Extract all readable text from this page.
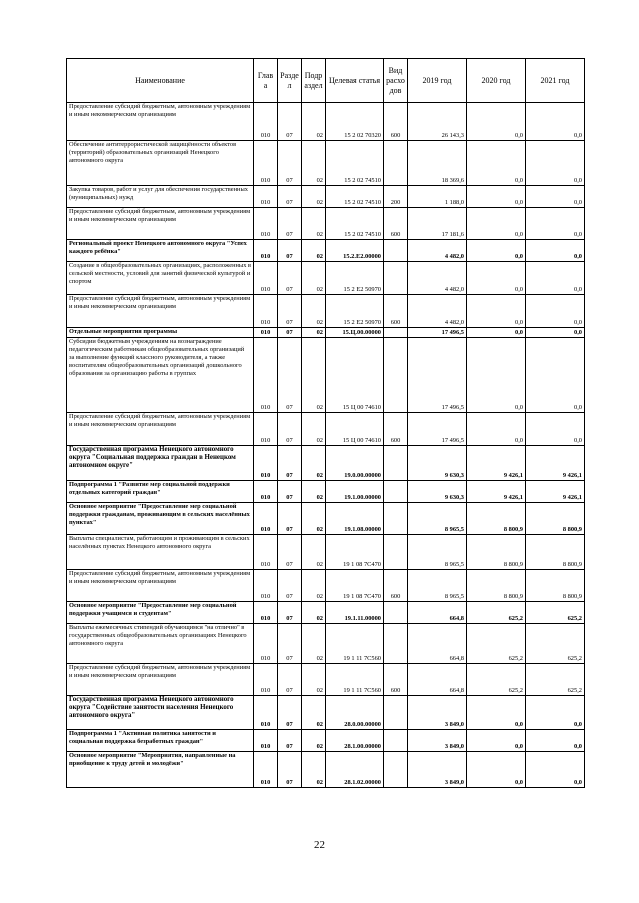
Наименование	Глав а	Разде л	Подр аздел	Целевая статья	Вид расхо дов	2019 год	2020 год	2021 год
Предоставление субсидий бюджетным, автономным учреждениям и иным некоммерческим организациям	010	07	02	15 2 02 70320	600	26 143,3	0,0	0,0
Обеспечение антитеррористической защищённости объектов (территорий) образовательных организаций Ненецкого автономного округа	010	07	02	15 2 02 74510		18 369,6	0,0	0,0
Закупка товаров, работ и услуг для обеспечения государственных (муниципальных) нужд	010	07	02	15 2 02 74510	200	1 188,0	0,0	0,0
Предоставление субсидий бюджетным, автономным учреждениям и иным некоммерческим организациям	010	07	02	15 2 02 74510	600	17 181,6	0,0	0,0
Региональный проект Ненецкого автономного округа "Успех каждого ребёнка"	010	07	02	15.2.Е2.00000		4 482,0	0,0	0,0
Создание в общеобразовательных организациях, расположенных в сельской местности, условий для занятий физической культурой и спортом	010	07	02	15 2 Е2 50970		4 482,0	0,0	0,0
Предоставление субсидий бюджетным, автономным учреждениям и иным некоммерческим организациям	010	07	02	15 2 Е2 50970	600	4 482,0	0,0	0,0
Отдельные мероприятия программы	010	07	02	15.Ц.00.00000		17 496,5	0,0	0,0
Субсидии бюджетным учреждениям на вознаграждение педагогическим работникам общеобразовательных организаций за выполнение функций классного руководителя, а также воспитателям общеобразовательных организаций дошкольного образования за организацию работы в группах	010	07	02	15 Ц 00 74610		17 496,5	0,0	0,0
Предоставление субсидий бюджетным, автономным учреждениям и иным некоммерческим организациям	010	07	02	15 Ц 00 74610	600	17 496,5	0,0	0,0
Государственная программа Ненецкого автономного округа "Социальная поддержка граждан в Ненецком автономном округе"	010	07	02	19.0.00.00000		9 630,3	9 426,1	9 426,1
Подпрограмма 1 "Развитие мер социальной поддержки отдельных категорий граждан"	010	07	02	19.1.00.00000		9 630,3	9 426,1	9 426,1
Основное мероприятие "Предоставление мер социальной поддержки гражданам, проживающим в сельских населённых пунктах"	010	07	02	19.1.08.00000		8 965,5	8 800,9	8 800,9
Выплаты специалистам, работающим и проживающим в сельских населённых пунктах Ненецкого автономного округа	010	07	02	19 1 08 7С470		8 965,5	8 800,9	8 800,9
Предоставление субсидий бюджетным, автономным учреждениям и иным некоммерческим организациям	010	07	02	19 1 08 7С470	600	8 965,5	8 800,9	8 800,9
Основное мероприятие "Предоставление мер социальной поддержки учащимся и студентам"	010	07	02	19.1.11.00000		664,8	625,2	625,2
Выплаты ежемесячных стипендий обучающимся "на отлично" в государственных общеобразовательных организациях Ненецкого автономного округа	010	07	02	19 1 11 7С560		664,8	625,2	625,2
Предоставление субсидий бюджетным, автономным учреждениям и иным некоммерческим организациям	010	07	02	19 1 11 7С560	600	664,8	625,2	625,2
Государственная программа Ненецкого автономного округа "Содействие занятости населения Ненецкого автономного округа"	010	07	02	28.0.00.00000		3 849,0	0,0	0,0
Подпрограмма 1 "Активная политика занятости и социальная поддержка безработных граждан"	010	07	02	28.1.00.00000		3 849,0	0,0	0,0
Основное мероприятие "Мероприятия, направленные на приобщение к труду детей и молодёжи"	010	07	02	28.1.02.00000		3 849,0	0,0	0,0
22
